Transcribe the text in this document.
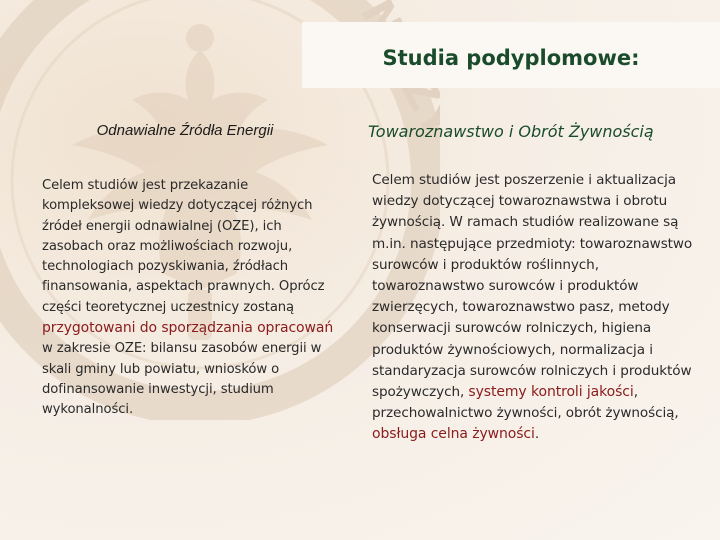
Studia podyplomowe:
Odnawialne Źródła Energii
Celem studiów jest przekazanie kompleksowej wiedzy dotyczącej różnych źródeł energii odnawialnej (OZE), ich zasobach oraz możliwościach rozwoju, technologiach pozyskiwania, źródłach finansowania, aspektach prawnych. Oprócz części teoretycznej uczestnicy zostaną przygotowani do sporządzania opracowań w zakresie OZE: bilansu zasobów energii w skali gminy lub powiatu, wniosków o dofinansowanie inwestycji, studium wykonalności.
Towaroznawstwo i Obrót Żywnością
Celem studiów jest poszerzenie i aktualizacja wiedzy dotyczącej towaroznawstwa i obrotu żywnością. W ramach studiów realizowane są m.in. następujące przedmioty: towaroznawstwo surowców i produktów roślinnych, towaroznawstwo surowców i produktów zwierzęcych, towaroznawstwo pasz, metody konserwacji surowców rolniczych, higiena produktów żywnościowych, normalizacja i standaryzacja surowców rolniczych i produktów spożywczych, systemy kontroli jakości, przechowalnictwo żywności, obrót żywnością, obsługa celna żywności.
